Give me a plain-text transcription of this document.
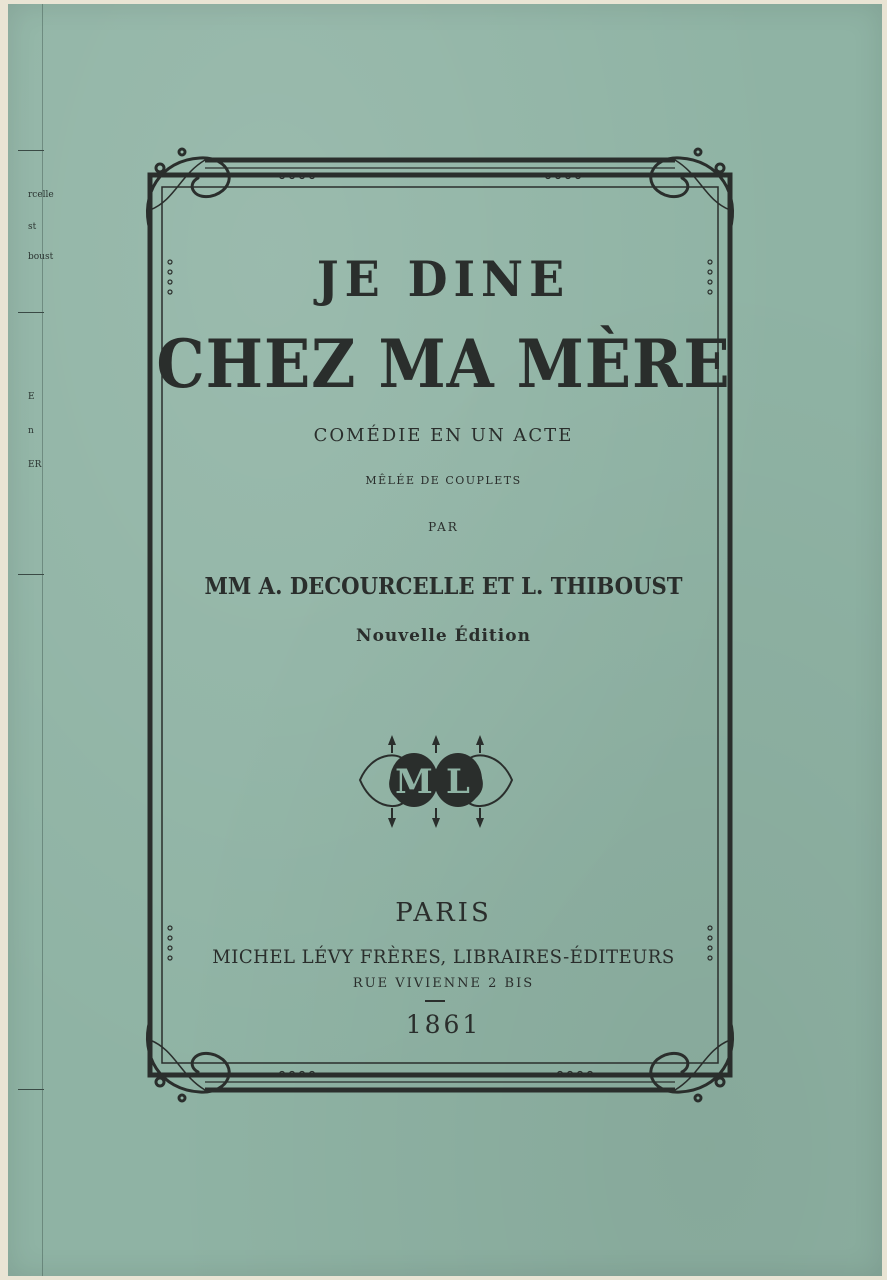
rcelle
st
boust
E
n
ER
M L
JE DINE
CHEZ MA MÈRE
COMÉDIE EN UN ACTE
MÊLÉE DE COUPLETS
PAR
MM A. DECOURCELLE ET L. THIBOUST
Nouvelle Édition
PARIS
MICHEL LÉVY FRÈRES, LIBRAIRES-ÉDITEURS
RUE VIVIENNE 2 BIS
1861
